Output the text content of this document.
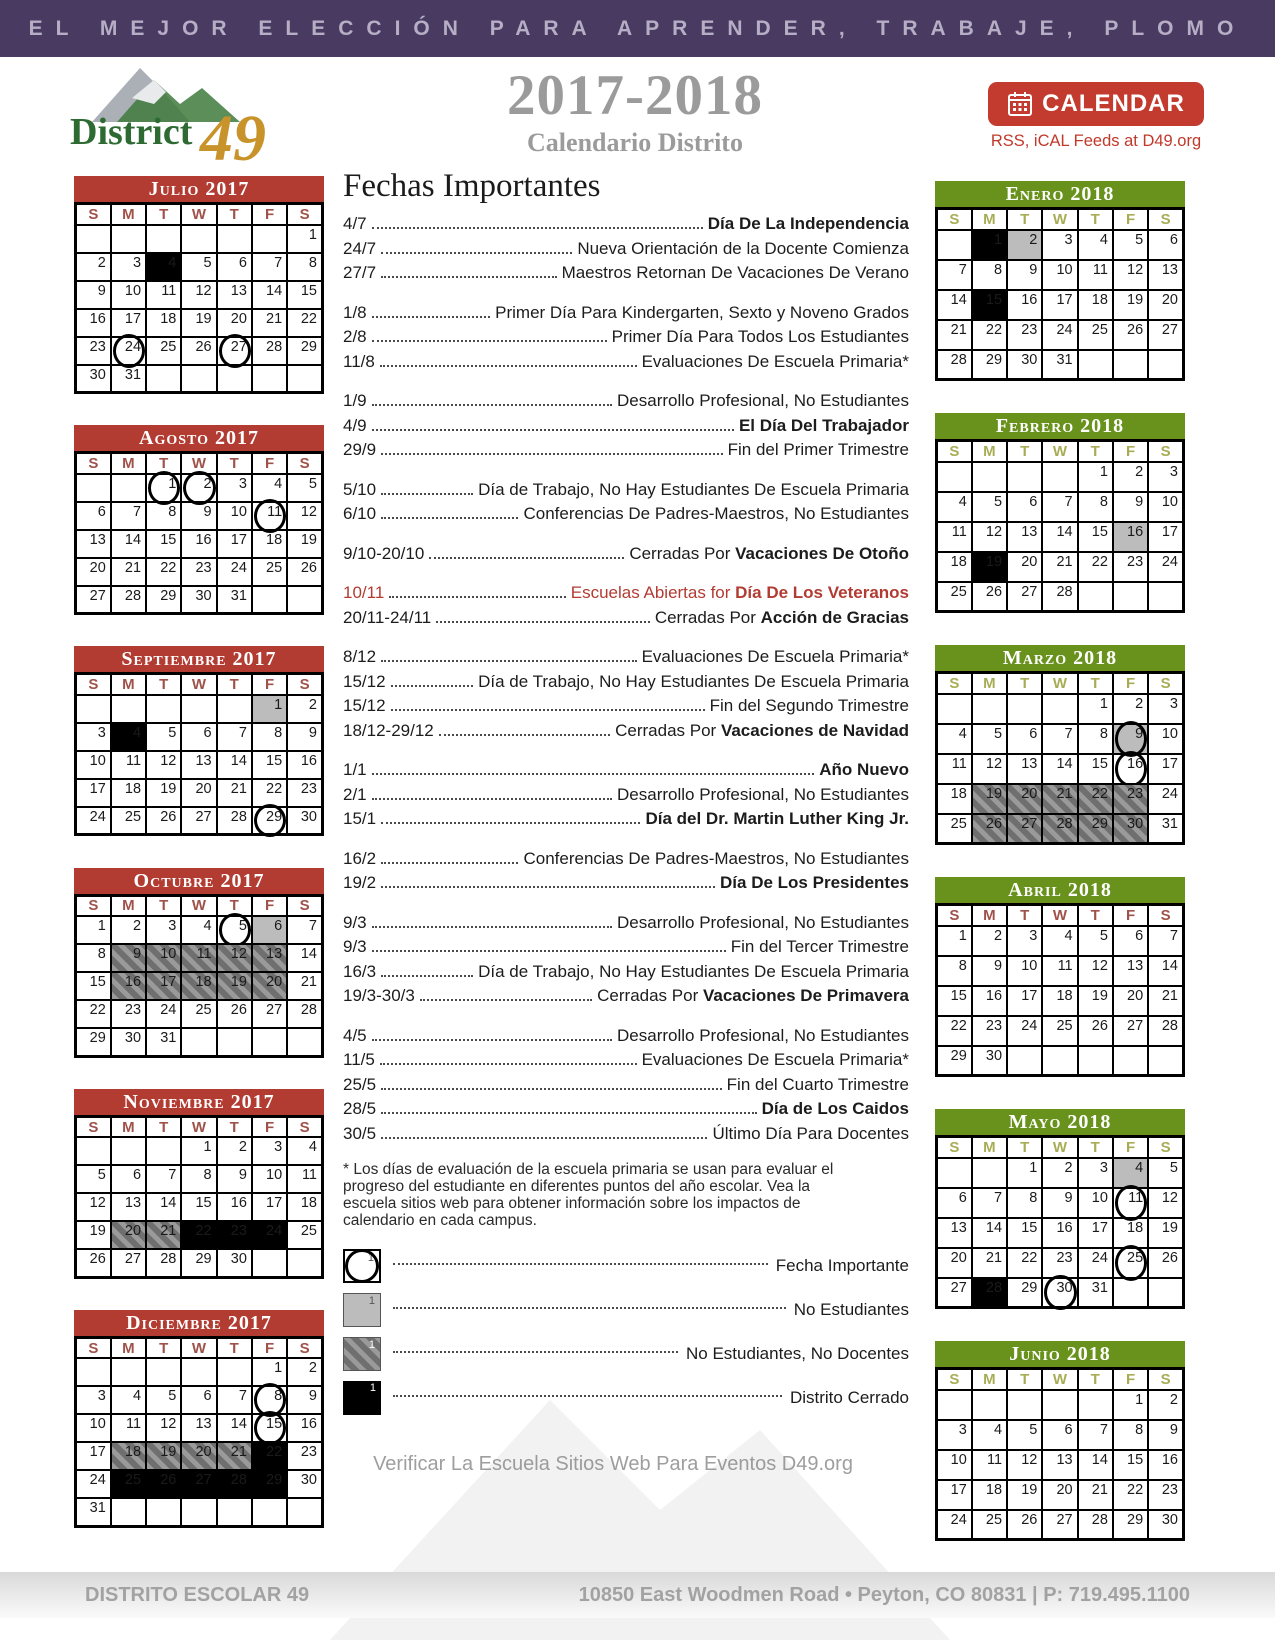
EL MEJOR ELECCIÓN PARA APRENDER, TRABAJE, PLOMO
District 49
2017-2018
Calendario Distrito
CALENDAR
RSS, iCAL Feeds at D49.org
Julio 2017
S	M	T	W	T	F	S
						1
2	3	4	5	6	7	8
9	10	11	12	13	14	15
16	17	18	19	20	21	22
23	24	25	26	27	28	29
30	31					
Agosto 2017
S	M	T	W	T	F	S
		1	2	3	4	5
6	7	8	9	10	11	12
13	14	15	16	17	18	19
20	21	22	23	24	25	26
27	28	29	30	31		
Septiembre 2017
S	M	T	W	T	F	S
					1	2
3	4	5	6	7	8	9
10	11	12	13	14	15	16
17	18	19	20	21	22	23
24	25	26	27	28	29	30
Octubre 2017
S	M	T	W	T	F	S
1	2	3	4	5	6	7
8	9	10	11	12	13	14
15	16	17	18	19	20	21
22	23	24	25	26	27	28
29	30	31				
Noviembre 2017
S	M	T	W	T	F	S
			1	2	3	4
5	6	7	8	9	10	11
12	13	14	15	16	17	18
19	20	21	22	23	24	25
26	27	28	29	30		
Diciembre 2017
S	M	T	W	T	F	S
					1	2
3	4	5	6	7	8	9
10	11	12	13	14	15	16
17	18	19	20	21	22	23
24	25	26	27	28	29	30
31						
Fechas Importantes
4/7	Día De La Independencia
24/7	Nueva Orientación de la Docente Comienza
27/7	Maestros Retornan De Vacaciones De Verano
1/8	Primer Día Para Kindergarten, Sexto y Noveno Grados
2/8	Primer Día Para Todos Los Estudiantes
11/8	Evaluaciones De Escuela Primaria*
1/9	Desarrollo Profesional, No Estudiantes
4/9	El Día Del Trabajador
29/9	Fin del Primer Trimestre
5/10	Día de Trabajo, No Hay Estudiantes De Escuela Primaria
6/10	Conferencias De Padres-Maestros, No Estudiantes
9/10-20/10	Cerradas Por Vacaciones De Otoño
10/11	Escuelas Abiertas for Día De Los Veteranos
20/11-24/11	Cerradas Por Acción de Gracias
8/12	Evaluaciones De Escuela Primaria*
15/12	Día de Trabajo, No Hay Estudiantes De Escuela Primaria
15/12	Fin del Segundo Trimestre
18/12-29/12	Cerradas Por Vacaciones de Navidad
1/1	Año Nuevo
2/1	Desarrollo Profesional, No Estudiantes
15/1	Día del Dr. Martin Luther King Jr.
16/2	Conferencias De Padres-Maestros, No Estudiantes
19/2	Día De Los Presidentes
9/3	Desarrollo Profesional, No Estudiantes
9/3	Fin del Tercer Trimestre
16/3	Día de Trabajo, No Hay Estudiantes De Escuela Primaria
19/3-30/3	Cerradas Por Vacaciones De Primavera
4/5	Desarrollo Profesional, No Estudiantes
11/5	Evaluaciones De Escuela Primaria*
25/5	Fin del Cuarto Trimestre
28/5	Día de Los Caidos
30/5	Último Día Para Docentes
* Los días de evaluación de la escuela primaria se usan para evaluar el progreso del estudiante en diferentes puntos del año escolar. Vea la escuela sitios web para obtener información sobre los impactos de calendario en cada campus.
1	Fecha Importante
1	No Estudiantes
1	No Estudiantes, No Docentes
1	Distrito Cerrado
Verificar La Escuela Sitios Web Para Eventos D49.org
Enero 2018
S	M	T	W	T	F	S
	1	2	3	4	5	6
7	8	9	10	11	12	13
14	15	16	17	18	19	20
21	22	23	24	25	26	27
28	29	30	31			
Febrero 2018
S	M	T	W	T	F	S
				1	2	3
4	5	6	7	8	9	10
11	12	13	14	15	16	17
18	19	20	21	22	23	24
25	26	27	28			
Marzo 2018
S	M	T	W	T	F	S
				1	2	3
4	5	6	7	8	9	10
11	12	13	14	15	16	17
18	19	20	21	22	23	24
25	26	27	28	29	30	31
Abril 2018
S	M	T	W	T	F	S
1	2	3	4	5	6	7
8	9	10	11	12	13	14
15	16	17	18	19	20	21
22	23	24	25	26	27	28
29	30					
Mayo 2018
S	M	T	W	T	F	S
		1	2	3	4	5
6	7	8	9	10	11	12
13	14	15	16	17	18	19
20	21	22	23	24	25	26
27	28	29	30	31		
Junio 2018
S	M	T	W	T	F	S
					1	2
3	4	5	6	7	8	9
10	11	12	13	14	15	16
17	18	19	20	21	22	23
24	25	26	27	28	29	30
DISTRITO ESCOLAR 49	10850 East Woodmen Road • Peyton, CO 80831 | P: 719.495.1100
